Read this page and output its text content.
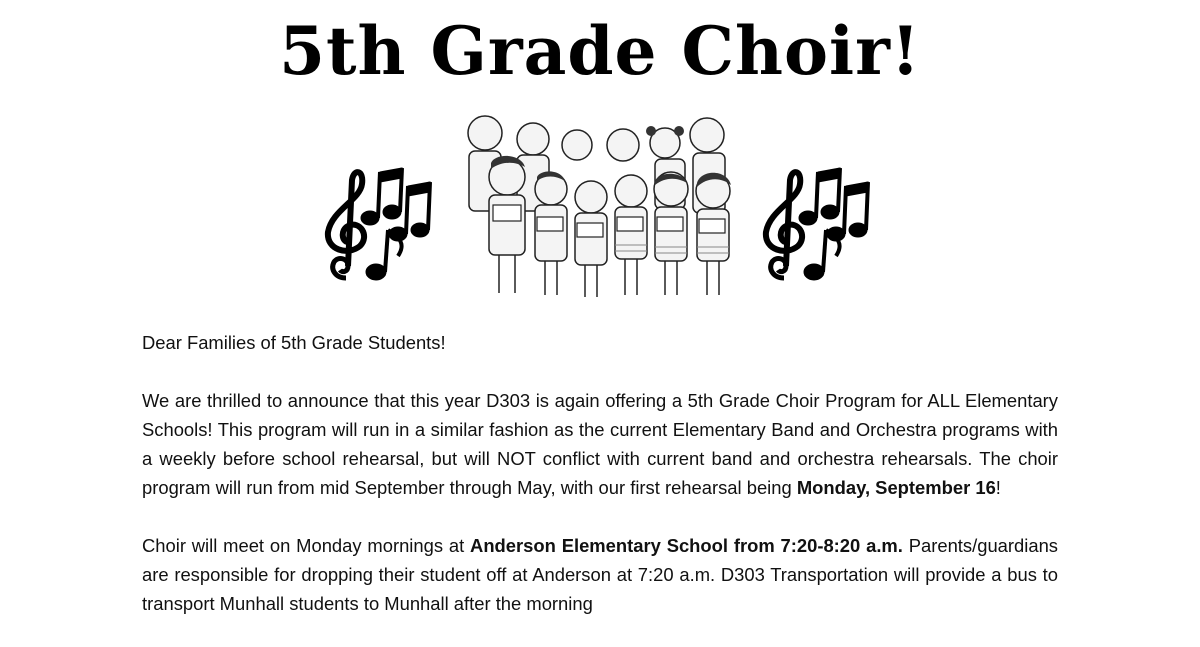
5th Grade Choir!

Dear Families of 5th Grade Students!

We are thrilled to announce that this year D303 is again offering a 5th Grade Choir Program for ALL Elementary Schools! This program will run in a similar fashion as the current Elementary Band and Orchestra programs with a weekly before school rehearsal, but will NOT conflict with current band and orchestra rehearsals. The choir program will run from mid September through May, with our first rehearsal being Monday, September 16!

Choir will meet on Monday mornings at Anderson Elementary School from 7:20-8:20 a.m. Parents/guardians are responsible for dropping their student off at Anderson at 7:20 a.m. D303 Transportation will provide a bus to transport Munhall students to Munhall after the morning
